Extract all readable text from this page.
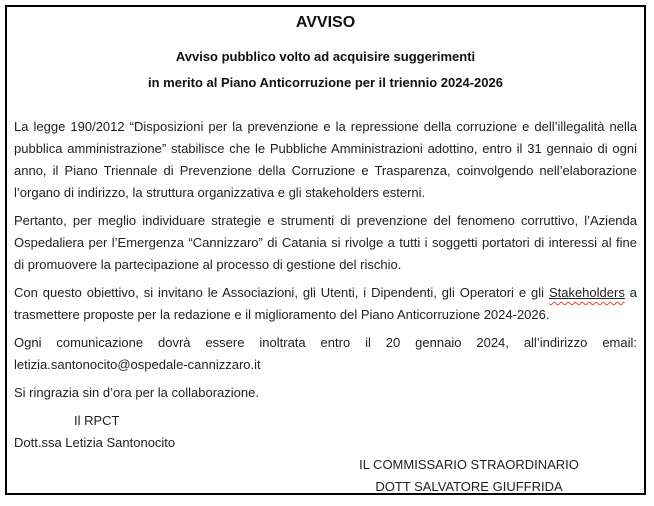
AVVISO
Avviso pubblico volto ad acquisire suggerimenti
in merito al Piano Anticorruzione per il triennio 2024-2026

La legge 190/2012 “Disposizioni per la prevenzione e la repressione della corruzione e dell’illegalità nella pubblica amministrazione” stabilisce che le Pubbliche Amministrazioni adottino, entro il 31 gennaio di ogni anno, il Piano Triennale di Prevenzione della Corruzione e Trasparenza, coinvolgendo nell’elaborazione l’organo di indirizzo, la struttura organizzativa e gli stakeholders esterni.

Pertanto, per meglio individuare strategie e strumenti di prevenzione del fenomeno corruttivo, l’Azienda Ospedaliera per l’Emergenza “Cannizzaro” di Catania si rivolge a tutti i soggetti portatori di interessi al fine di promuovere la partecipazione al processo di gestione del rischio.

Con questo obiettivo, si invitano le Associazioni, gli Utenti, i Dipendenti, gli Operatori e gli Stakeholders a trasmettere proposte per la redazione e il miglioramento del Piano Anticorruzione 2024-2026.

Ogni comunicazione dovrà essere inoltrata entro il 20 gennaio 2024, all’indirizzo email: letizia.santonocito@ospedale-cannizzaro.it

Si ringrazia sin d’ora per la collaborazione.

Il RPCT
Dott.ssa Letizia Santonocito
IL COMMISSARIO STRAORDINARIO
DOTT SALVATORE GIUFFRIDA
